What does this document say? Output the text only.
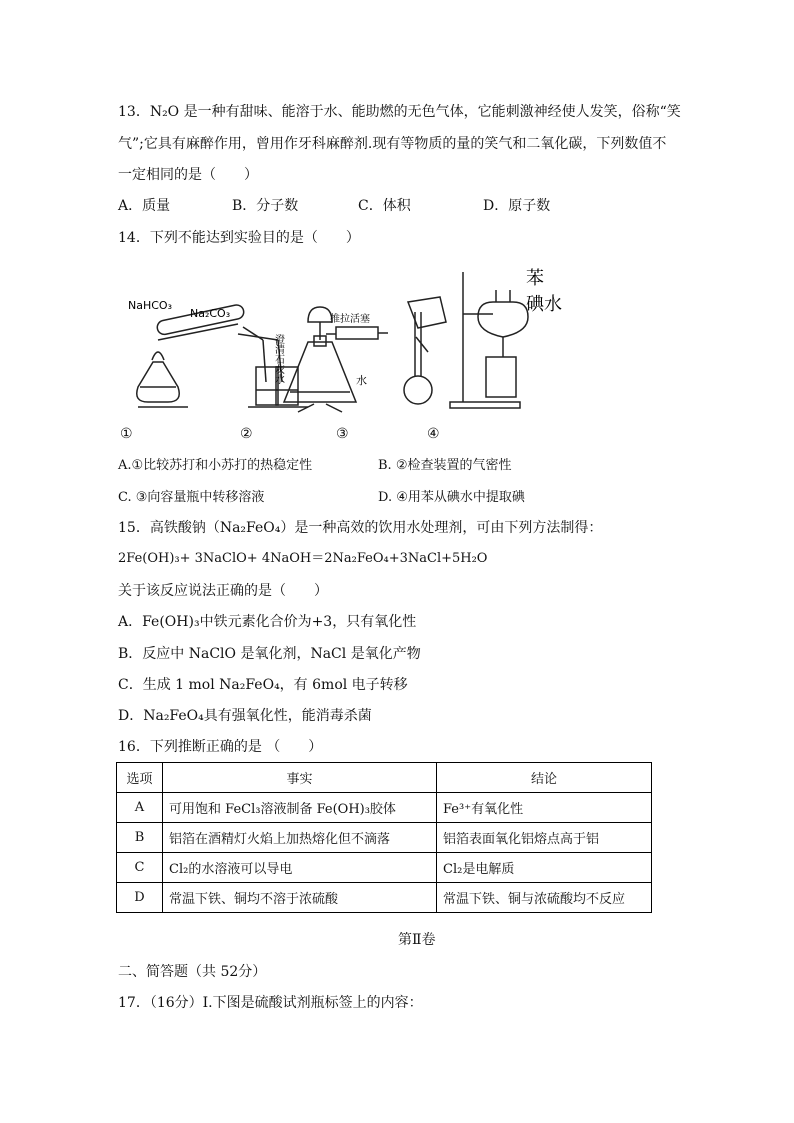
13．N₂O 是一种有甜味、能溶于水、能助燃的无色气体，它能刺激神经使人发笑，俗称“笑
气”;它具有麻醉作用，曾用作牙科麻醉剂.现有等物质的量的笑气和二氧化碳，下列数值不
一定相同的是（　　）
A．质量	B．分子数	C．体积	D．原子数
14．下列不能达到实验目的是（　　）
NaHCO₃
Na₂CO₃	推拉活塞
水
澄清石灰水
苯
碘水
①	②	③	④
A.①比较苏打和小苏打的热稳定性	B. ②检查装置的气密性
C. ③向容量瓶中转移溶液	D. ④用苯从碘水中提取碘
15．高铁酸钠（Na₂FeO₄）是一种高效的饮用水处理剂，可由下列方法制得：
2Fe(OH)₃+ 3NaClO+ 4NaOH＝2Na₂FeO₄+3NaCl+5H₂O
关于该反应说法正确的是（　　）
A．Fe(OH)₃中铁元素化合价为+3，只有氧化性
B．反应中 NaClO 是氧化剂，NaCl 是氧化产物
C．生成 1 mol Na₂FeO₄，有 6mol 电子转移
D．Na₂FeO₄具有强氧化性，能消毒杀菌
16．下列推断正确的是 （　　）
选项	事实	结论
A	可用饱和 FeCl₃溶液制备 Fe(OH)₃胶体	Fe³⁺有氧化性
B	铝箔在酒精灯火焰上加热熔化但不滴落	铝箔表面氧化铝熔点高于铝
C	Cl₂的水溶液可以导电	Cl₂是电解质
D	常温下铁、铜均不溶于浓硫酸	常温下铁、铜与浓硫酸均不反应
第Ⅱ卷
二、简答题（共 52分）
17．（16分）Ⅰ.下图是硫酸试剂瓶标签上的内容：
